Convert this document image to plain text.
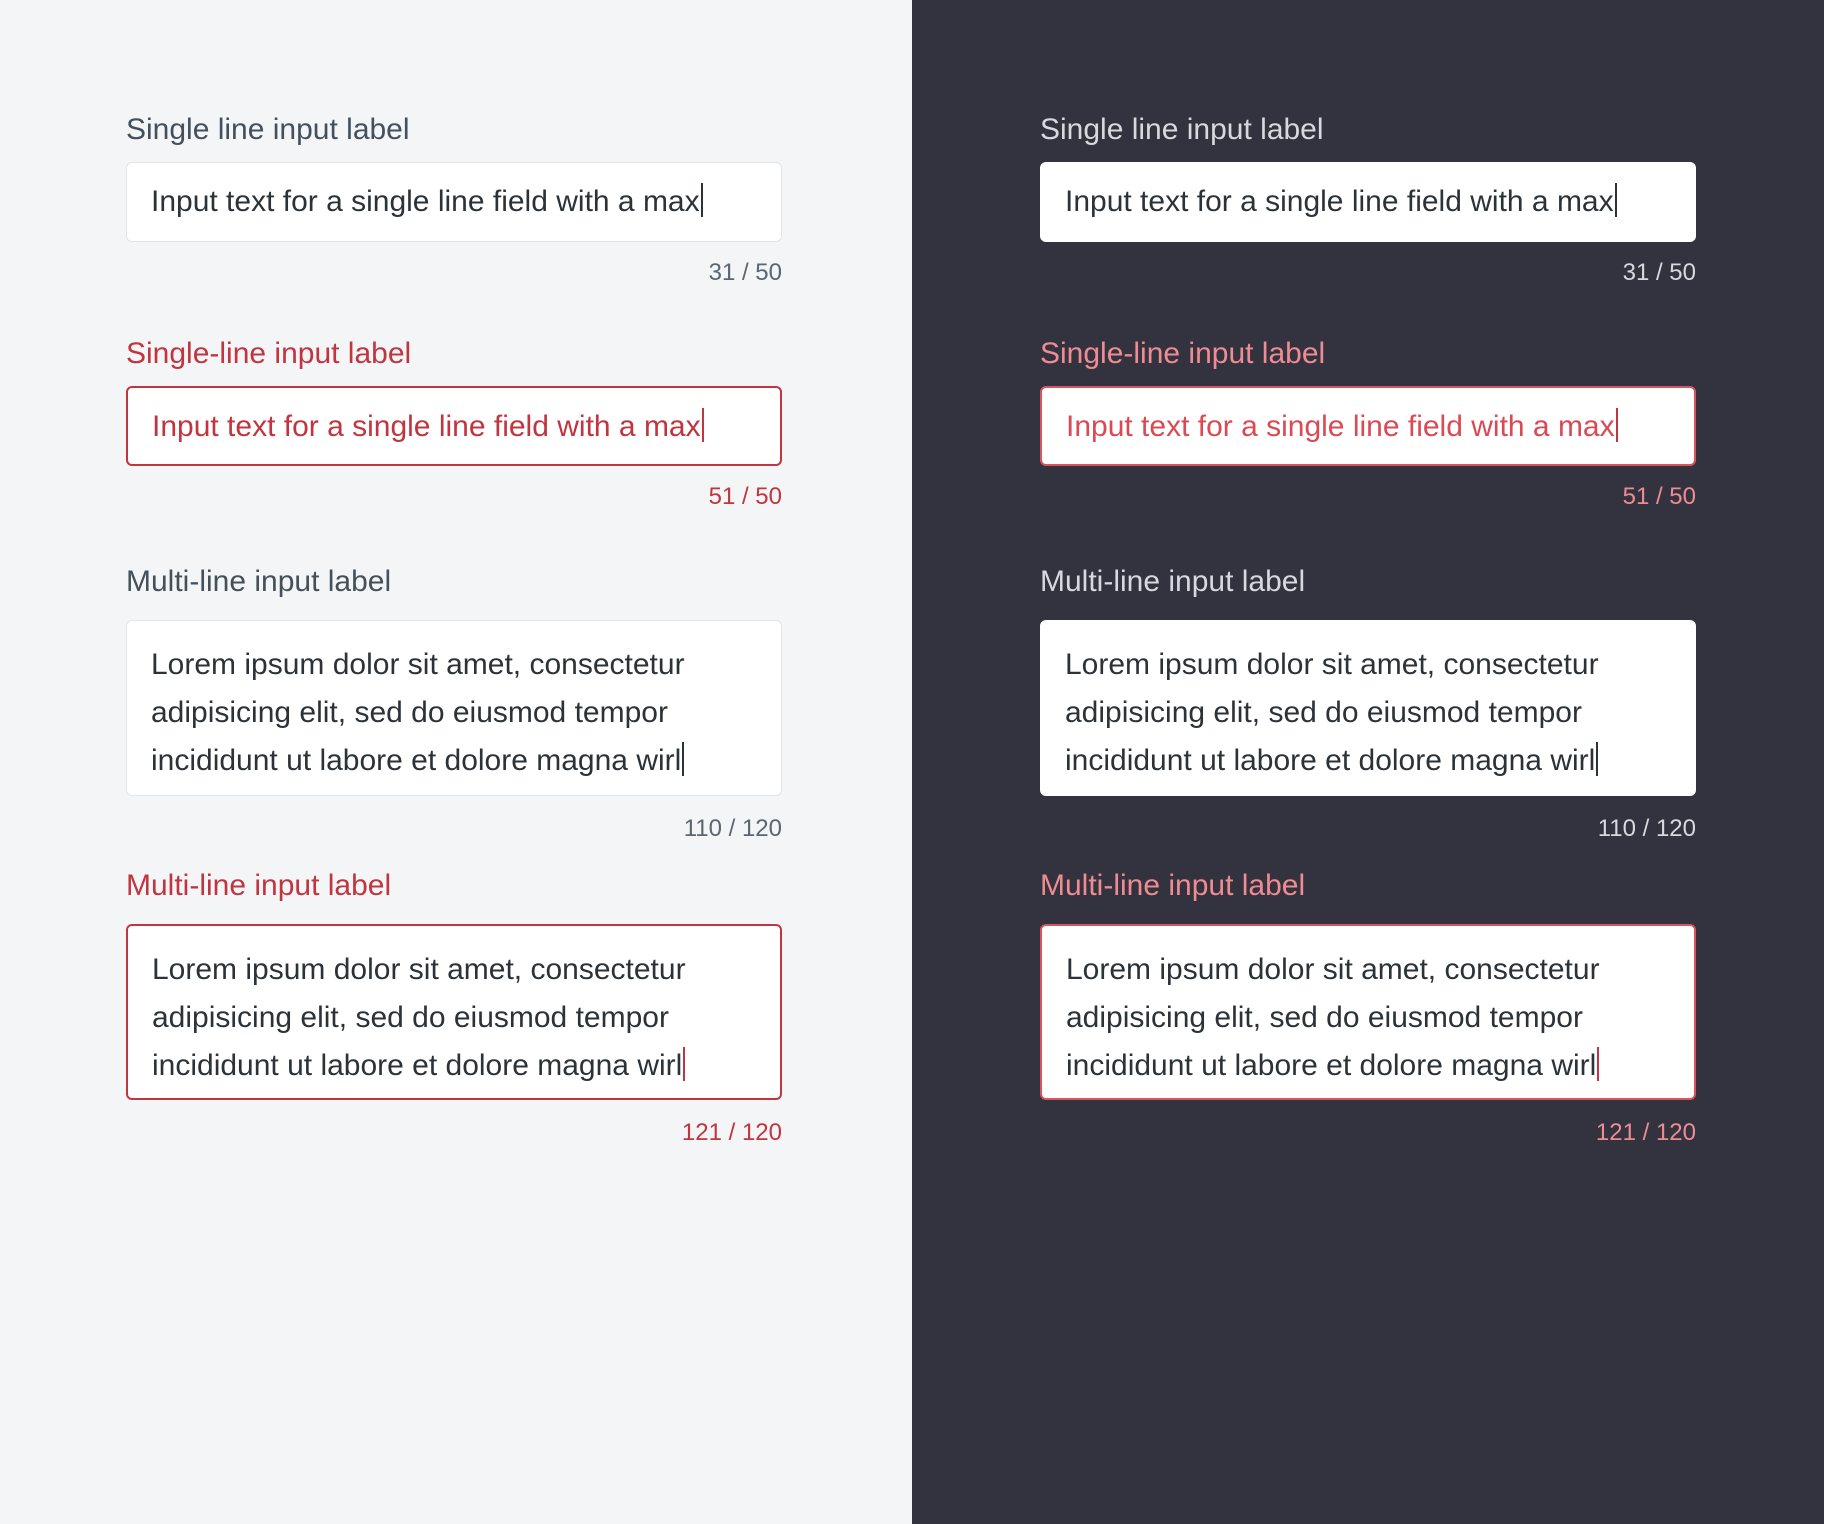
Single line input label
Input text for a single line field with a max
31 / 50
Single-line input label
Input text for a single line field with a max
51 / 50
Multi-line input label
Lorem ipsum dolor sit amet, consectetur
adipisicing elit, sed do eiusmod tempor
incididunt ut labore et dolore magna wirl
110 / 120
Multi-line input label
Lorem ipsum dolor sit amet, consectetur
adipisicing elit, sed do eiusmod tempor
incididunt ut labore et dolore magna wirl
121 / 120
Single line input label
Input text for a single line field with a max
31 / 50
Single-line input label
Input text for a single line field with a max
51 / 50
Multi-line input label
Lorem ipsum dolor sit amet, consectetur
adipisicing elit, sed do eiusmod tempor
incididunt ut labore et dolore magna wirl
110 / 120
Multi-line input label
Lorem ipsum dolor sit amet, consectetur
adipisicing elit, sed do eiusmod tempor
incididunt ut labore et dolore magna wirl
121 / 120
